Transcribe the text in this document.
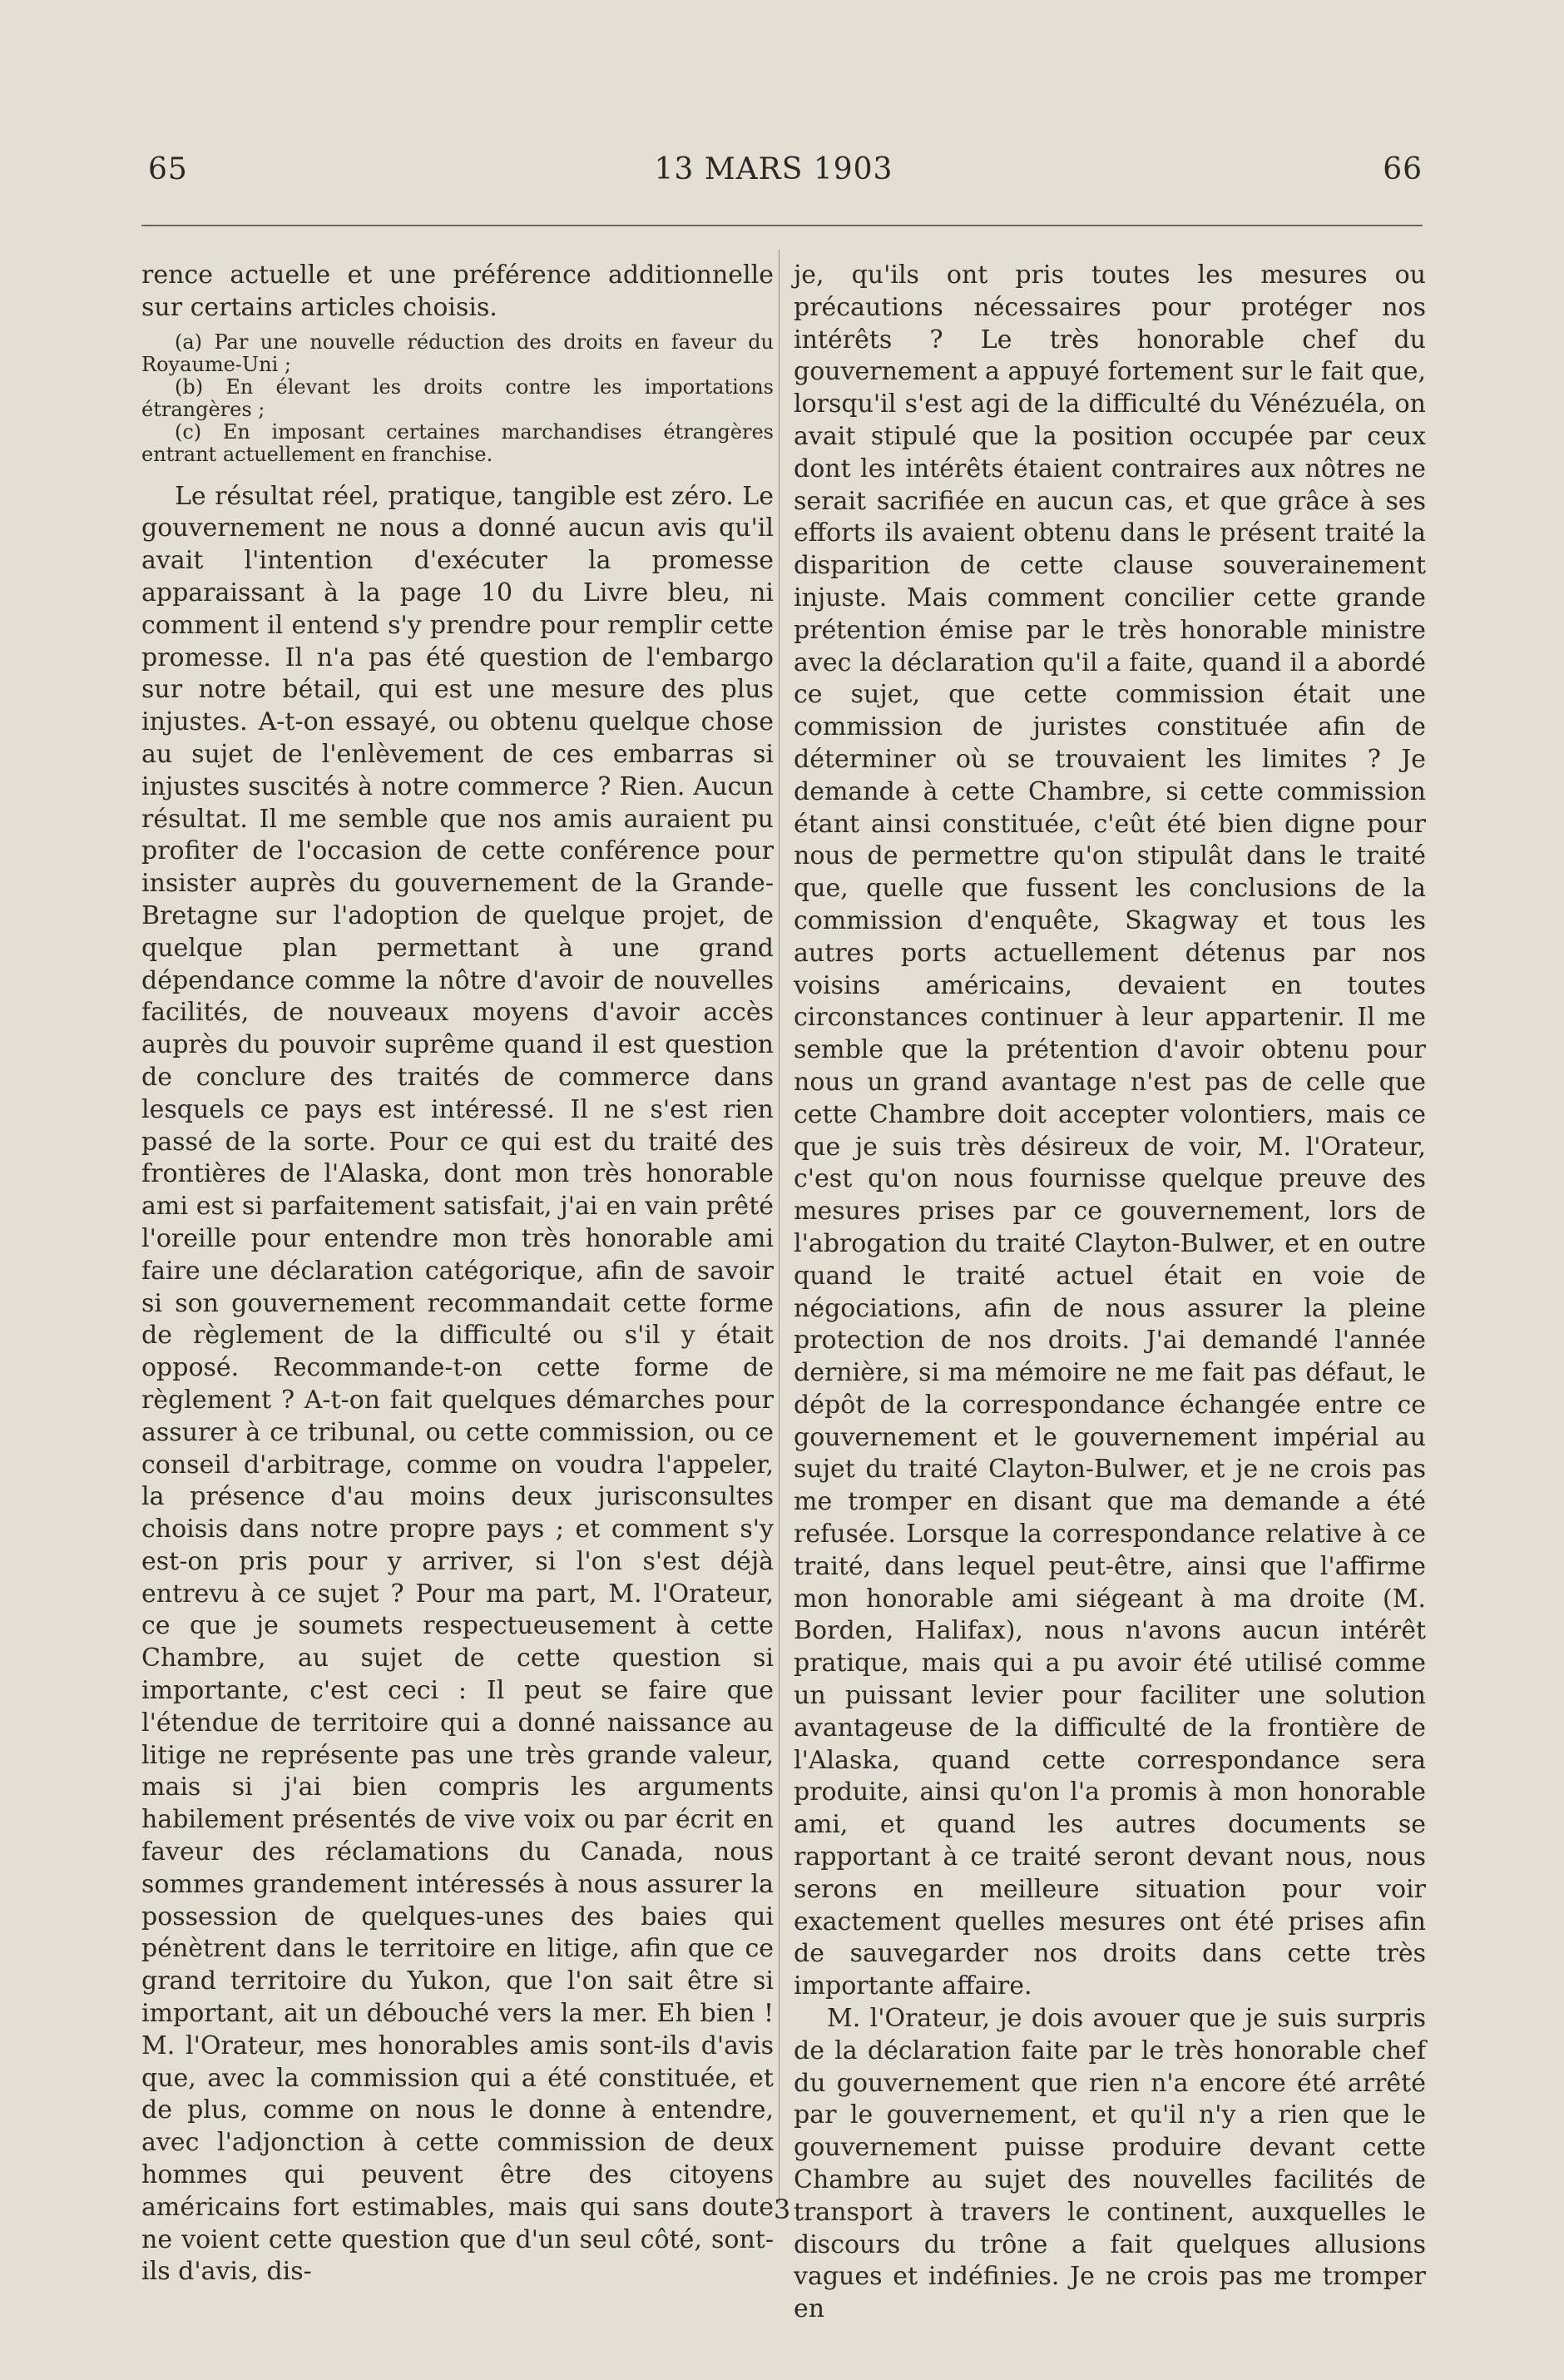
65	13 MARS 1903	66

rence actuelle et une préférence additionnelle sur certains articles choisis.

(a) Par une nouvelle réduction des droits en faveur du Royaume-Uni ;

(b) En élevant les droits contre les importations étrangères ;

(c) En imposant certaines marchandises étrangères entrant actuellement en franchise.

Le résultat réel, pratique, tangible est zéro. Le gouvernement ne nous a donné aucun avis qu'il avait l'intention d'exécuter la promesse apparaissant à la page 10 du Livre bleu, ni comment il entend s'y prendre pour remplir cette promesse. Il n'a pas été question de l'embargo sur notre bétail, qui est une mesure des plus injustes. A-t-on essayé, ou obtenu quelque chose au sujet de l'enlèvement de ces embarras si injustes suscités à notre commerce ? Rien. Aucun résultat. Il me semble que nos amis auraient pu profiter de l'occasion de cette conférence pour insister auprès du gouvernement de la Grande-Bretagne sur l'adoption de quelque projet, de quelque plan permettant à une grand dépendance comme la nôtre d'avoir de nouvelles facilités, de nouveaux moyens d'avoir accès auprès du pouvoir suprême quand il est question de conclure des traités de commerce dans lesquels ce pays est intéressé. Il ne s'est rien passé de la sorte. Pour ce qui est du traité des frontières de l'Alaska, dont mon très honorable ami est si parfaitement satisfait, j'ai en vain prêté l'oreille pour entendre mon très honorable ami faire une déclaration catégorique, afin de savoir si son gouvernement recommandait cette forme de règlement de la difficulté ou s'il y était opposé. Recommande-t-on cette forme de règlement ? A-t-on fait quelques démarches pour assurer à ce tribunal, ou cette commission, ou ce conseil d'arbitrage, comme on voudra l'appeler, la présence d'au moins deux jurisconsultes choisis dans notre propre pays ; et comment s'y est-on pris pour y arriver, si l'on s'est déjà entrevu à ce sujet ? Pour ma part, M. l'Orateur, ce que je soumets respectueusement à cette Chambre, au sujet de cette question si importante, c'est ceci : Il peut se faire que l'étendue de territoire qui a donné naissance au litige ne représente pas une très grande valeur, mais si j'ai bien compris les arguments habilement présentés de vive voix ou par écrit en faveur des réclamations du Canada, nous sommes grandement intéressés à nous assurer la possession de quelques-unes des baies qui pénètrent dans le territoire en litige, afin que ce grand territoire du Yukon, que l'on sait être si important, ait un débouché vers la mer. Eh bien ! M. l'Orateur, mes honorables amis sont-ils d'avis que, avec la commission qui a été constituée, et de plus, comme on nous le donne à entendre, avec l'adjonction à cette commission de deux hommes qui peuvent être des citoyens américains fort estimables, mais qui sans doute ne voient cette question que d'un seul côté, sont-ils d'avis, dis-

je, qu'ils ont pris toutes les mesures ou précautions nécessaires pour protéger nos intérêts ? Le très honorable chef du gouvernement a appuyé fortement sur le fait que, lorsqu'il s'est agi de la difficulté du Vénézuéla, on avait stipulé que la position occupée par ceux dont les intérêts étaient contraires aux nôtres ne serait sacrifiée en aucun cas, et que grâce à ses efforts ils avaient obtenu dans le présent traité la disparition de cette clause souverainement injuste. Mais comment concilier cette grande prétention émise par le très honorable ministre avec la déclaration qu'il a faite, quand il a abordé ce sujet, que cette commission était une commission de juristes constituée afin de déterminer où se trouvaient les limites ? Je demande à cette Chambre, si cette commission étant ainsi constituée, c'eût été bien digne pour nous de permettre qu'on stipulât dans le traité que, quelle que fussent les conclusions de la commission d'enquête, Skagway et tous les autres ports actuellement détenus par nos voisins américains, devaient en toutes circonstances continuer à leur appartenir. Il me semble que la prétention d'avoir obtenu pour nous un grand avantage n'est pas de celle que cette Chambre doit accepter volontiers, mais ce que je suis très désireux de voir, M. l'Orateur, c'est qu'on nous fournisse quelque preuve des mesures prises par ce gouvernement, lors de l'abrogation du traité Clayton-Bulwer, et en outre quand le traité actuel était en voie de négociations, afin de nous assurer la pleine protection de nos droits. J'ai demandé l'année dernière, si ma mémoire ne me fait pas défaut, le dépôt de la correspondance échangée entre ce gouvernement et le gouvernement impérial au sujet du traité Clayton-Bulwer, et je ne crois pas me tromper en disant que ma demande a été refusée. Lorsque la correspondance relative à ce traité, dans lequel peut-être, ainsi que l'affirme mon honorable ami siégeant à ma droite (M. Borden, Halifax), nous n'avons aucun intérêt pratique, mais qui a pu avoir été utilisé comme un puissant levier pour faciliter une solution avantageuse de la difficulté de la frontière de l'Alaska, quand cette correspondance sera produite, ainsi qu'on l'a promis à mon honorable ami, et quand les autres documents se rapportant à ce traité seront devant nous, nous serons en meilleure situation pour voir exactement quelles mesures ont été prises afin de sauvegarder nos droits dans cette très importante affaire.

M. l'Orateur, je dois avouer que je suis surpris de la déclaration faite par le très honorable chef du gouvernement que rien n'a encore été arrêté par le gouvernement, et qu'il n'y a rien que le gouvernement puisse produire devant cette Chambre au sujet des nouvelles facilités de transport à travers le continent, auxquelles le discours du trône a fait quelques allusions vagues et indéfinies. Je ne crois pas me tromper en

3
